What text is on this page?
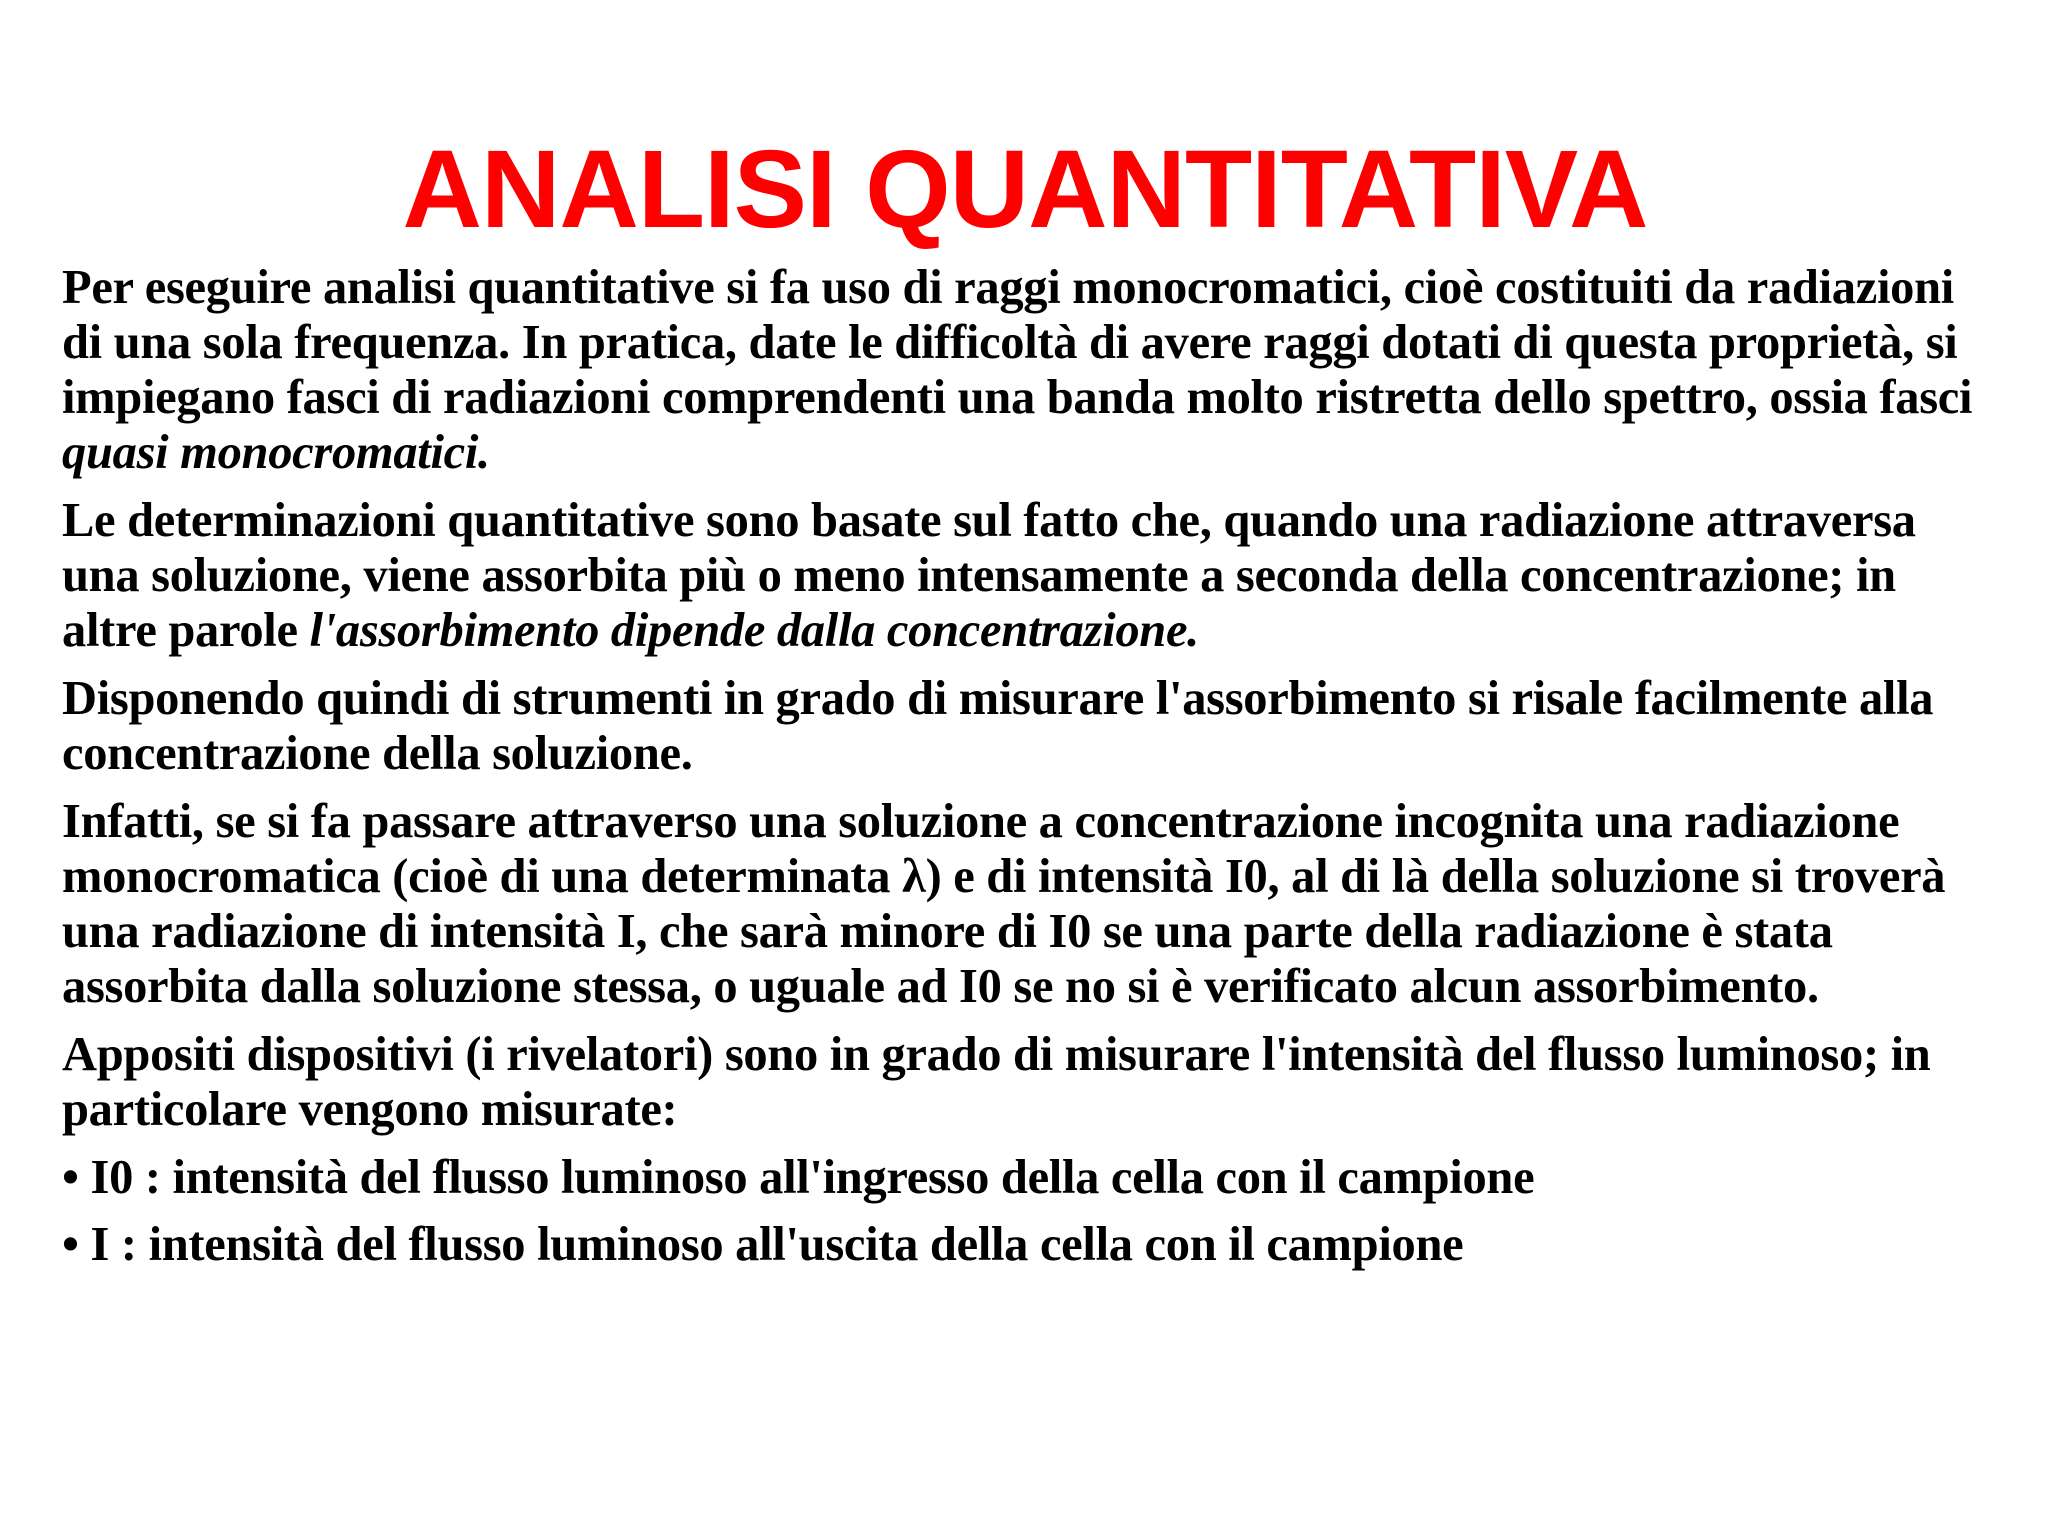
ANALISI QUANTITATIVA

Per eseguire analisi quantitative si fa uso di raggi monocromatici, cioè costituiti da radiazioni di una sola frequenza. In pratica, date le difficoltà di avere raggi dotati di questa proprietà, si impiegano fasci di radiazioni comprendenti una banda molto ristretta dello spettro, ossia fasci quasi monocromatici.

Le determinazioni quantitative sono basate sul fatto che, quando una radiazione attraversa una soluzione, viene assorbita più o meno intensamente a seconda della concentrazione; in altre parole l'assorbimento dipende dalla concentrazione.

Disponendo quindi di strumenti in grado di misurare l'assorbimento si risale facilmente alla concentrazione della soluzione.

Infatti, se si fa passare attraverso una soluzione a concentrazione incognita una radiazione monocromatica (cioè di una determinata λ) e di intensità I0, al di là della soluzione si troverà una radiazione di intensità I, che sarà minore di I0 se una parte della radiazione è stata assorbita dalla soluzione stessa, o uguale ad I0 se no si è verificato alcun assorbimento.

Appositi dispositivi (i rivelatori) sono in grado di misurare l'intensità del flusso luminoso; in particolare vengono misurate:

• I0 : intensità del flusso luminoso all'ingresso della cella con il campione

• I : intensità del flusso luminoso all'uscita della cella con il campione
